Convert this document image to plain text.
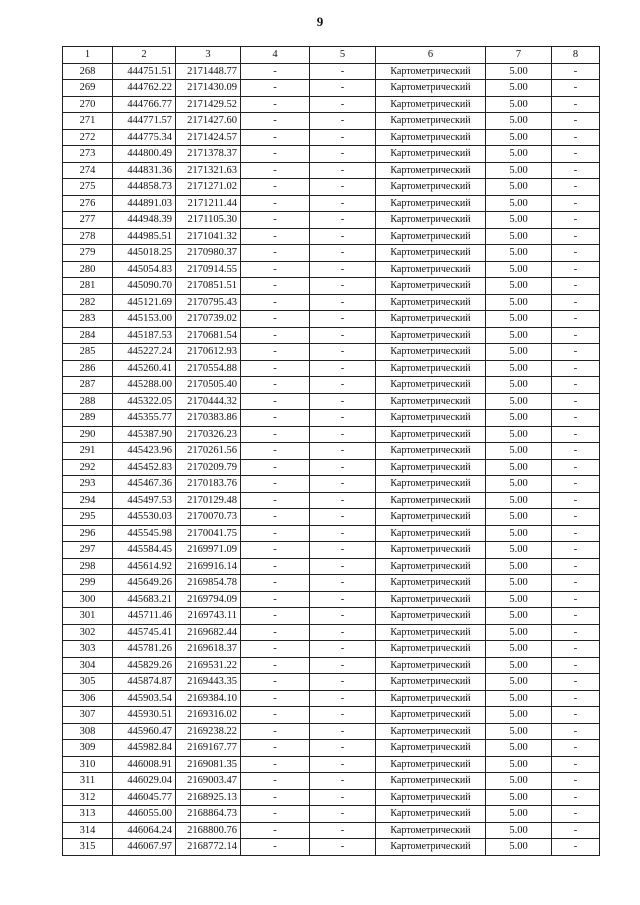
9
1	2	3	4	5	6	7	8
268	444751.51	2171448.77	-	-	Картометрический	5.00	-
269	444762.22	2171430.09	-	-	Картометрический	5.00	-
270	444766.77	2171429.52	-	-	Картометрический	5.00	-
271	444771.57	2171427.60	-	-	Картометрический	5.00	-
272	444775.34	2171424.57	-	-	Картометрический	5.00	-
273	444800.49	2171378.37	-	-	Картометрический	5.00	-
274	444831.36	2171321.63	-	-	Картометрический	5.00	-
275	444858.73	2171271.02	-	-	Картометрический	5.00	-
276	444891.03	2171211.44	-	-	Картометрический	5.00	-
277	444948.39	2171105.30	-	-	Картометрический	5.00	-
278	444985.51	2171041.32	-	-	Картометрический	5.00	-
279	445018.25	2170980.37	-	-	Картометрический	5.00	-
280	445054.83	2170914.55	-	-	Картометрический	5.00	-
281	445090.70	2170851.51	-	-	Картометрический	5.00	-
282	445121.69	2170795.43	-	-	Картометрический	5.00	-
283	445153.00	2170739.02	-	-	Картометрический	5.00	-
284	445187.53	2170681.54	-	-	Картометрический	5.00	-
285	445227.24	2170612.93	-	-	Картометрический	5.00	-
286	445260.41	2170554.88	-	-	Картометрический	5.00	-
287	445288.00	2170505.40	-	-	Картометрический	5.00	-
288	445322.05	2170444.32	-	-	Картометрический	5.00	-
289	445355.77	2170383.86	-	-	Картометрический	5.00	-
290	445387.90	2170326.23	-	-	Картометрический	5.00	-
291	445423.96	2170261.56	-	-	Картометрический	5.00	-
292	445452.83	2170209.79	-	-	Картометрический	5.00	-
293	445467.36	2170183.76	-	-	Картометрический	5.00	-
294	445497.53	2170129.48	-	-	Картометрический	5.00	-
295	445530.03	2170070.73	-	-	Картометрический	5.00	-
296	445545.98	2170041.75	-	-	Картометрический	5.00	-
297	445584.45	2169971.09	-	-	Картометрический	5.00	-
298	445614.92	2169916.14	-	-	Картометрический	5.00	-
299	445649.26	2169854.78	-	-	Картометрический	5.00	-
300	445683.21	2169794.09	-	-	Картометрический	5.00	-
301	445711.46	2169743.11	-	-	Картометрический	5.00	-
302	445745.41	2169682.44	-	-	Картометрический	5.00	-
303	445781.26	2169618.37	-	-	Картометрический	5.00	-
304	445829.26	2169531.22	-	-	Картометрический	5.00	-
305	445874.87	2169443.35	-	-	Картометрический	5.00	-
306	445903.54	2169384.10	-	-	Картометрический	5.00	-
307	445930.51	2169316.02	-	-	Картометрический	5.00	-
308	445960.47	2169238.22	-	-	Картометрический	5.00	-
309	445982.84	2169167.77	-	-	Картометрический	5.00	-
310	446008.91	2169081.35	-	-	Картометрический	5.00	-
311	446029.04	2169003.47	-	-	Картометрический	5.00	-
312	446045.77	2168925.13	-	-	Картометрический	5.00	-
313	446055.00	2168864.73	-	-	Картометрический	5.00	-
314	446064.24	2168800.76	-	-	Картометрический	5.00	-
315	446067.97	2168772.14	-	-	Картометрический	5.00	-
